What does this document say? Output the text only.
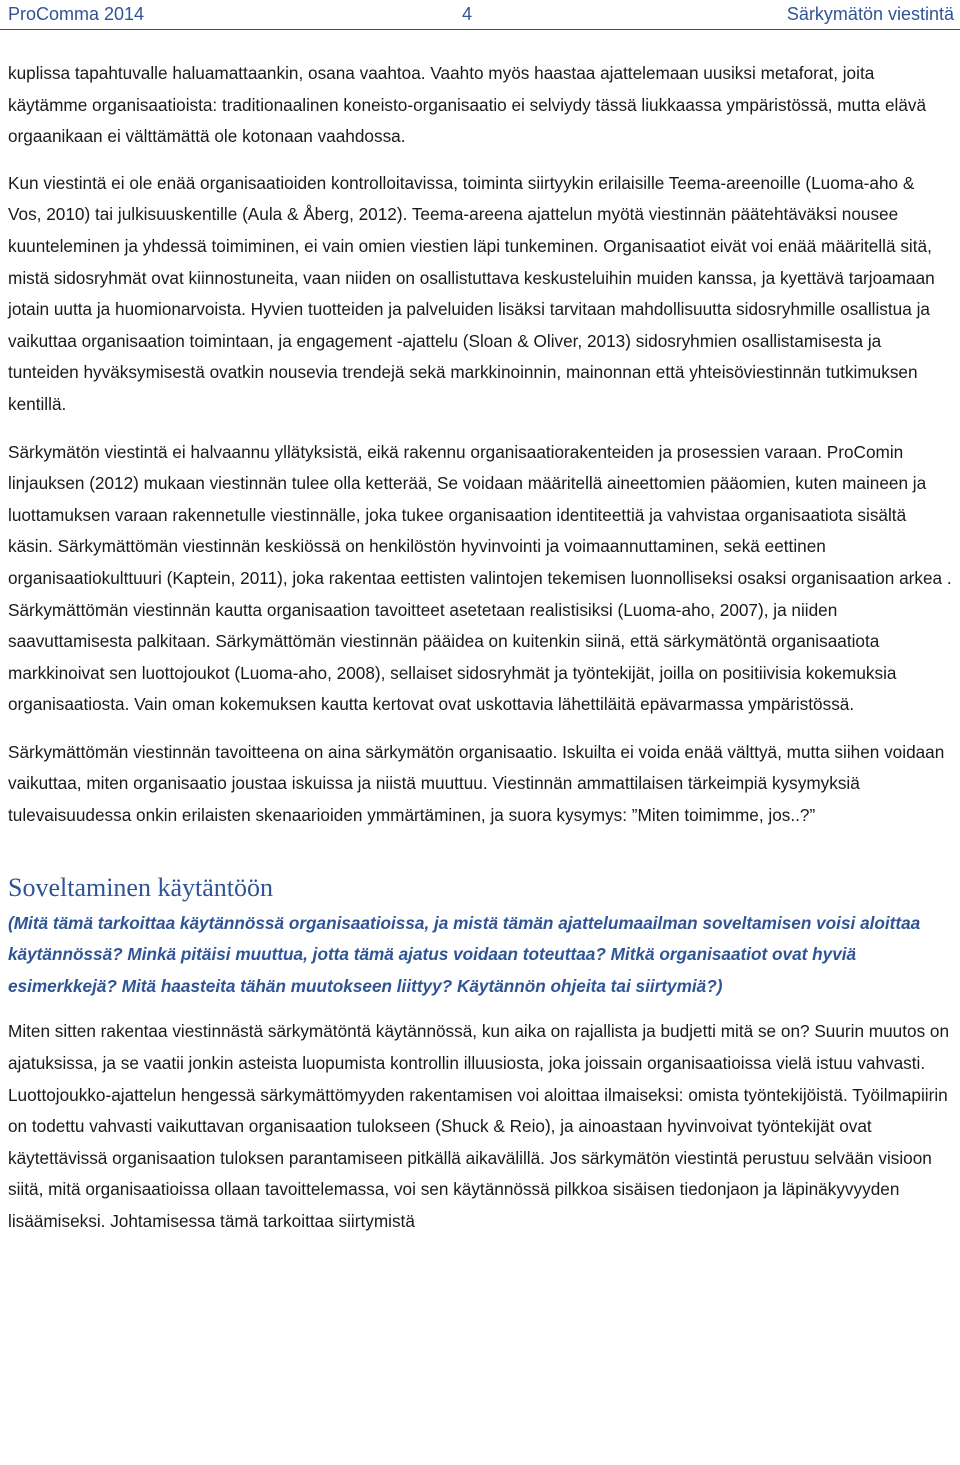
ProComma 2014	4	Särkymätön viestintä

kuplissa tapahtuvalle haluamattaankin, osana vaahtoa. Vaahto myös haastaa ajattelemaan uusiksi metaforat, joita käytämme organisaatioista: traditionaalinen koneisto-organisaatio ei selviydy tässä liukkaassa ympäristössä, mutta elävä orgaanikaan ei välttämättä ole kotonaan vaahdossa.

Kun viestintä ei ole enää organisaatioiden kontrolloitavissa, toiminta siirtyykin erilaisille Teema-areenoille (Luoma-aho & Vos, 2010) tai julkisuuskentille (Aula & Åberg, 2012). Teema-areena ajattelun myötä viestinnän päätehtäväksi nousee kuunteleminen ja yhdessä toimiminen, ei vain omien viestien läpi tunkeminen. Organisaatiot eivät voi enää määritellä sitä, mistä sidosryhmät ovat kiinnostuneita, vaan niiden on osallistuttava keskusteluihin muiden kanssa, ja kyettävä tarjoamaan jotain uutta ja huomionarvoista. Hyvien tuotteiden ja palveluiden lisäksi tarvitaan mahdollisuutta sidosryhmille osallistua ja vaikuttaa organisaation toimintaan, ja engagement -ajattelu (Sloan & Oliver, 2013) sidosryhmien osallistamisesta ja tunteiden hyväksymisestä ovatkin nousevia trendejä sekä markkinoinnin, mainonnan että yhteisöviestinnän tutkimuksen kentillä.

Särkymätön viestintä ei halvaannu yllätyksistä, eikä rakennu organisaatiorakenteiden ja prosessien varaan. ProComin linjauksen (2012) mukaan viestinnän tulee olla ketterää, Se voidaan määritellä aineettomien pääomien, kuten maineen ja luottamuksen varaan rakennetulle viestinnälle, joka tukee organisaation identiteettiä ja vahvistaa organisaatiota sisältä käsin. Särkymättömän viestinnän keskiössä on henkilöstön hyvinvointi ja voimaannuttaminen, sekä eettinen organisaatiokulttuuri (Kaptein, 2011), joka rakentaa eettisten valintojen tekemisen luonnolliseksi osaksi organisaation arkea . Särkymättömän viestinnän kautta organisaation tavoitteet asetetaan realistisiksi (Luoma-aho, 2007), ja niiden saavuttamisesta palkitaan. Särkymättömän viestinnän pääidea on kuitenkin siinä, että särkymätöntä organisaatiota markkinoivat sen luottojoukot (Luoma-aho, 2008), sellaiset sidosryhmät ja työntekijät, joilla on positiivisia kokemuksia organisaatiosta. Vain oman kokemuksen kautta kertovat ovat uskottavia lähettiläitä epävarmassa ympäristössä.

Särkymättömän viestinnän tavoitteena on aina särkymätön organisaatio. Iskuilta ei voida enää välttyä, mutta siihen voidaan vaikuttaa, miten organisaatio joustaa iskuissa ja niistä muuttuu. Viestinnän ammattilaisen tärkeimpiä kysymyksiä tulevaisuudessa onkin erilaisten skenaarioiden ymmärtäminen, ja suora kysymys: ”Miten toimimme, jos..?”

Soveltaminen käytäntöön

(Mitä tämä tarkoittaa käytännössä organisaatioissa, ja mistä tämän ajattelumaailman soveltamisen voisi aloittaa käytännössä? Minkä pitäisi muuttua, jotta tämä ajatus voidaan toteuttaa? Mitkä organisaatiot ovat hyviä esimerkkejä? Mitä haasteita tähän muutokseen liittyy? Käytännön ohjeita tai siirtymiä?)

Miten sitten rakentaa viestinnästä särkymätöntä käytännössä, kun aika on rajallista ja budjetti mitä se on? Suurin muutos on ajatuksissa, ja se vaatii jonkin asteista luopumista kontrollin illuusiosta, joka joissain organisaatioissa vielä istuu vahvasti. Luottojoukko-ajattelun hengessä särkymättömyyden rakentamisen voi aloittaa ilmaiseksi: omista työntekijöistä. Työilmapiirin on todettu vahvasti vaikuttavan organisaation tulokseen (Shuck & Reio), ja ainoastaan hyvinvoivat työntekijät ovat käytettävissä organisaation tuloksen parantamiseen pitkällä aikavälillä. Jos särkymätön viestintä perustuu selvään visioon siitä, mitä organisaatioissa ollaan tavoittelemassa, voi sen käytännössä pilkkoa sisäisen tiedonjaon ja läpinäkyvyyden lisäämiseksi. Johtamisessa tämä tarkoittaa siirtymistä
